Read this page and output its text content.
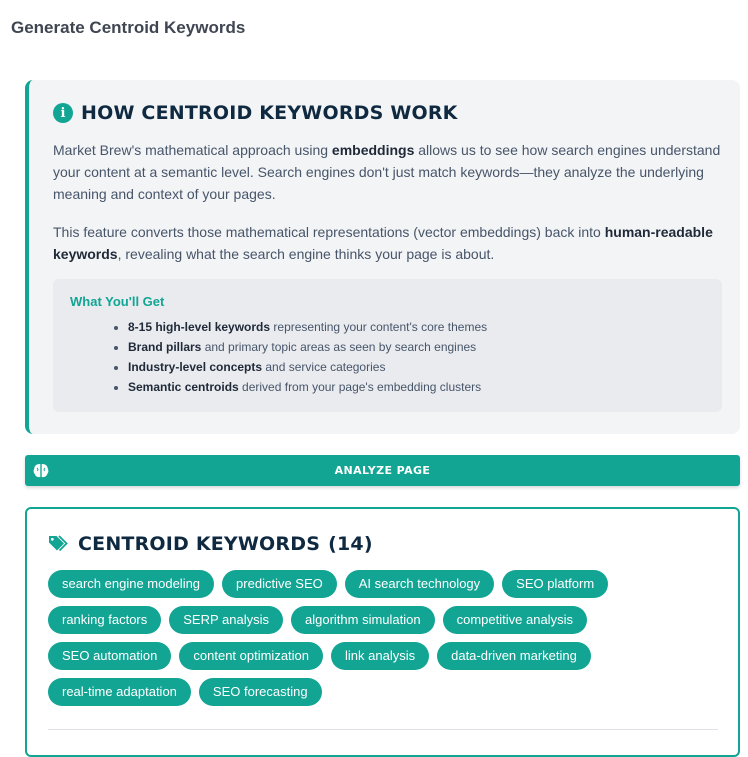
Generate Centroid Keywords
i HOW CENTROID KEYWORDS WORK
Market Brew's mathematical approach using embeddings allows us to see how search engines understand your content at a semantic level. Search engines don't just match keywords—they analyze the underlying meaning and context of your pages.
This feature converts those mathematical representations (vector embeddings) back into human-readable keywords, revealing what the search engine thinks your page is about.
What You'll Get
• 8-15 high-level keywords representing your content's core themes
• Brand pillars and primary topic areas as seen by search engines
• Industry-level concepts and service categories
• Semantic centroids derived from your page's embedding clusters
ANALYZE PAGE
CENTROID KEYWORDS (14)
search engine modeling	predictive SEO	AI search technology	SEO platform
ranking factors	SERP analysis	algorithm simulation	competitive analysis
SEO automation	content optimization	link analysis	data-driven marketing
real-time adaptation	SEO forecasting
